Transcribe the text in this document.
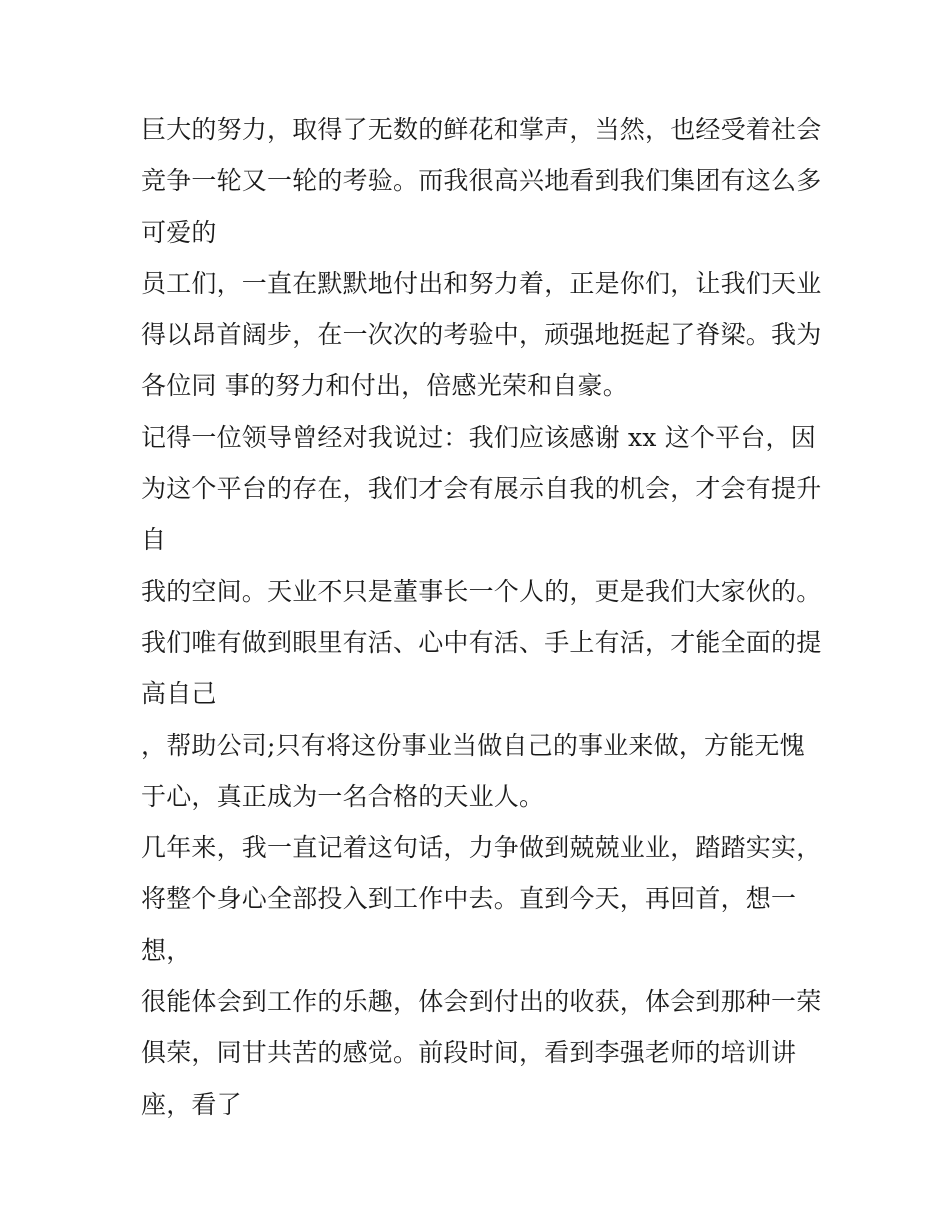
巨大的努力，取得了无数的鲜花和掌声，当然，也经受着社会
竞争一轮又一轮的考验。而我很高兴地看到我们集团有这么多
可爱的
员工们，一直在默默地付出和努力着，正是你们，让我们天业
得以昂首阔步，在一次次的考验中，顽强地挺起了脊梁。我为
各位同 事的努力和付出，倍感光荣和自豪。
记得一位领导曾经对我说过：我们应该感谢 xx 这个平台，因
为这个平台的存在，我们才会有展示自我的机会，才会有提升
自
我的空间。天业不只是董事长一个人的，更是我们大家伙的。
我们唯有做到眼里有活、心中有活、手上有活，才能全面的提
高自己
，帮助公司;只有将这份事业当做自己的事业来做，方能无愧
于心，真正成为一名合格的天业人。
几年来，我一直记着这句话，力争做到兢兢业业，踏踏实实，
将整个身心全部投入到工作中去。直到今天，再回首，想一
想，
很能体会到工作的乐趣，体会到付出的收获，体会到那种一荣
俱荣，同甘共苦的感觉。前段时间，看到李强老师的培训讲
座，看了
